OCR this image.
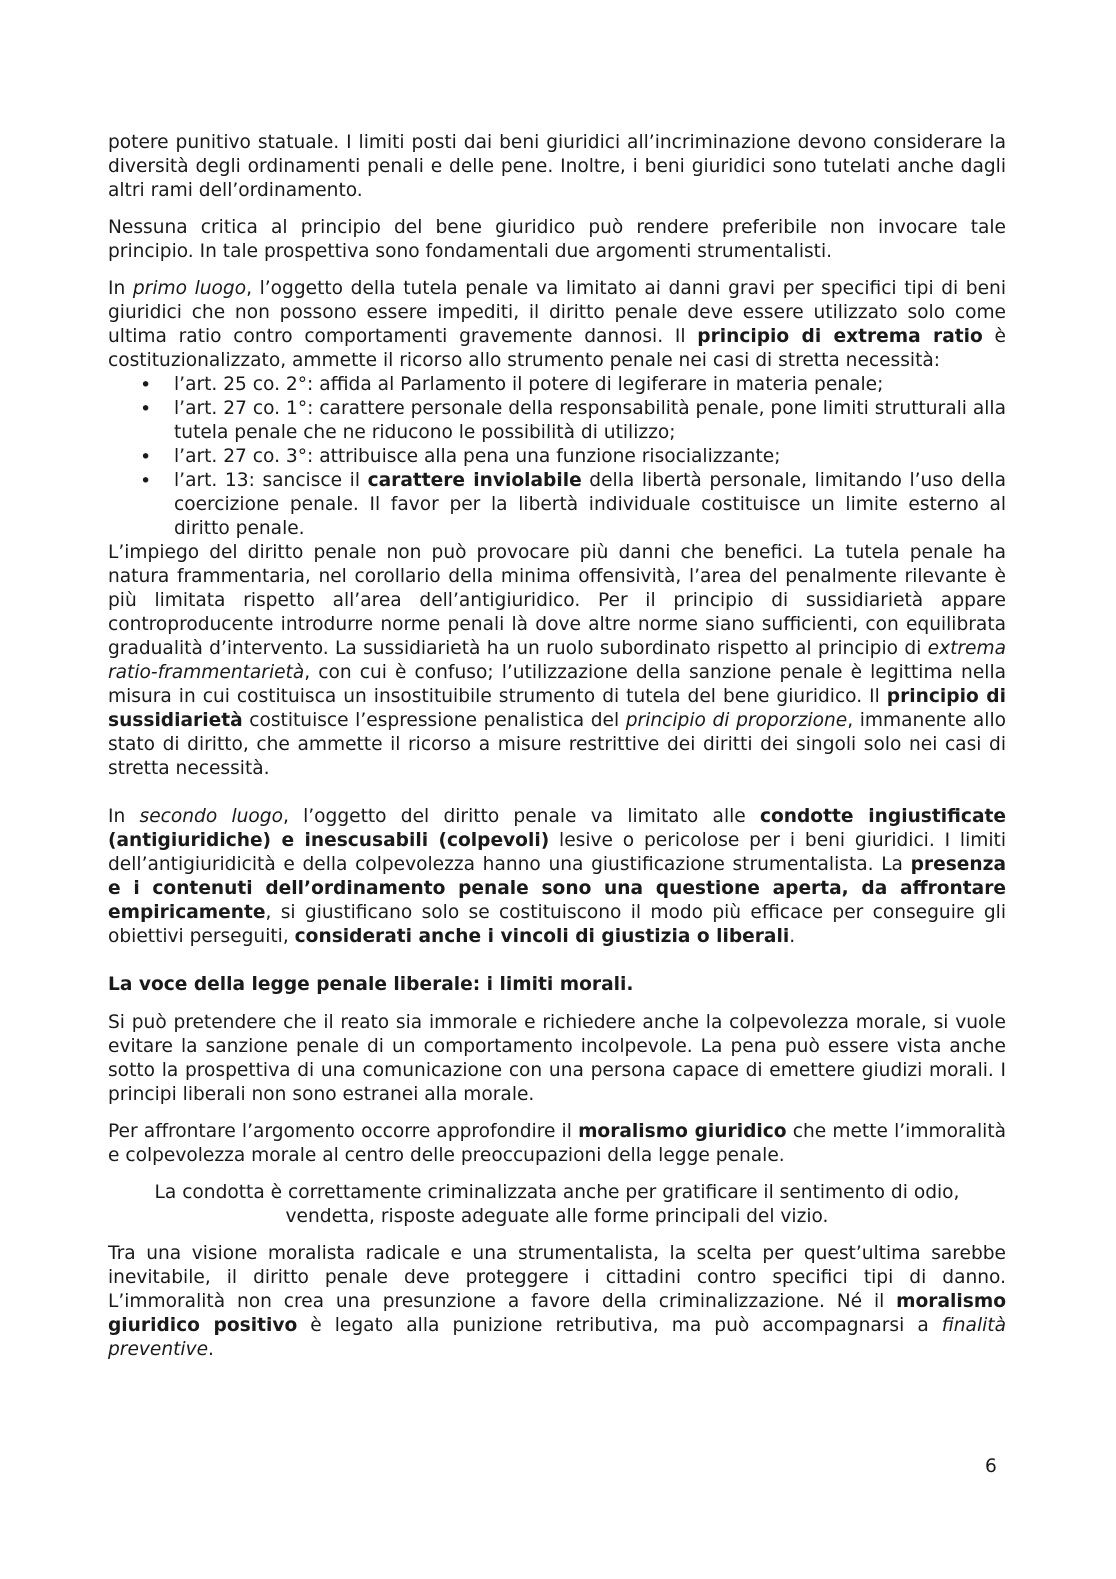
potere punitivo statuale. I limiti posti dai beni giuridici all’incriminazione devono considerare la diversità degli ordinamenti penali e delle pene. Inoltre, i beni giuridici sono tutelati anche dagli altri rami dell’ordinamento.

Nessuna critica al principio del bene giuridico può rendere preferibile non invocare tale principio. In tale prospettiva sono fondamentali due argomenti strumentalisti.

In primo luogo, l’oggetto della tutela penale va limitato ai danni gravi per specifici tipi di beni giuridici che non possono essere impediti, il diritto penale deve essere utilizzato solo come ultima ratio contro comportamenti gravemente dannosi. Il principio di extrema ratio è costituzionalizzato, ammette il ricorso allo strumento penale nei casi di stretta necessità:

• l’art. 25 co. 2°: affida al Parlamento il potere di legiferare in materia penale;
• l’art. 27 co. 1°: carattere personale della responsabilità penale, pone limiti strutturali alla tutela penale che ne riducono le possibilità di utilizzo;
• l’art. 27 co. 3°: attribuisce alla pena una funzione risocializzante;
• l’art. 13: sancisce il carattere inviolabile della libertà personale, limitando l’uso della coercizione penale. Il favor per la libertà individuale costituisce un limite esterno al diritto penale.

L’impiego del diritto penale non può provocare più danni che benefici. La tutela penale ha natura frammentaria, nel corollario della minima offensività, l’area del penalmente rilevante è più limitata rispetto all’area dell’antigiuridico. Per il principio di sussidiarietà appare controproducente introdurre norme penali là dove altre norme siano sufficienti, con equilibrata gradualità d’intervento. La sussidiarietà ha un ruolo subordinato rispetto al principio di extrema ratio-frammentarietà, con cui è confuso; l’utilizzazione della sanzione penale è legittima nella misura in cui costituisca un insostituibile strumento di tutela del bene giuridico. Il principio di sussidiarietà costituisce l’espressione penalistica del principio di proporzione, immanente allo stato di diritto, che ammette il ricorso a misure restrittive dei diritti dei singoli solo nei casi di stretta necessità.

In secondo luogo, l’oggetto del diritto penale va limitato alle condotte ingiustificate (antigiuridiche) e inescusabili (colpevoli) lesive o pericolose per i beni giuridici. I limiti dell’antigiuridicità e della colpevolezza hanno una giustificazione strumentalista. La presenza e i contenuti dell’ordinamento penale sono una questione aperta, da affrontare empiricamente, si giustificano solo se costituiscono il modo più efficace per conseguire gli obiettivi perseguiti, considerati anche i vincoli di giustizia o liberali.

La voce della legge penale liberale: i limiti morali.

Si può pretendere che il reato sia immorale e richiedere anche la colpevolezza morale, si vuole evitare la sanzione penale di un comportamento incolpevole. La pena può essere vista anche sotto la prospettiva di una comunicazione con una persona capace di emettere giudizi morali. I principi liberali non sono estranei alla morale.

Per affrontare l’argomento occorre approfondire il moralismo giuridico che mette l’immoralità e colpevolezza morale al centro delle preoccupazioni della legge penale.

La condotta è correttamente criminalizzata anche per gratificare il sentimento di odio, vendetta, risposte adeguate alle forme principali del vizio.

Tra una visione moralista radicale e una strumentalista, la scelta per quest’ultima sarebbe inevitabile, il diritto penale deve proteggere i cittadini contro specifici tipi di danno. L’immoralità non crea una presunzione a favore della criminalizzazione. Né il moralismo giuridico positivo è legato alla punizione retributiva, ma può accompagnarsi a finalità preventive.

6
